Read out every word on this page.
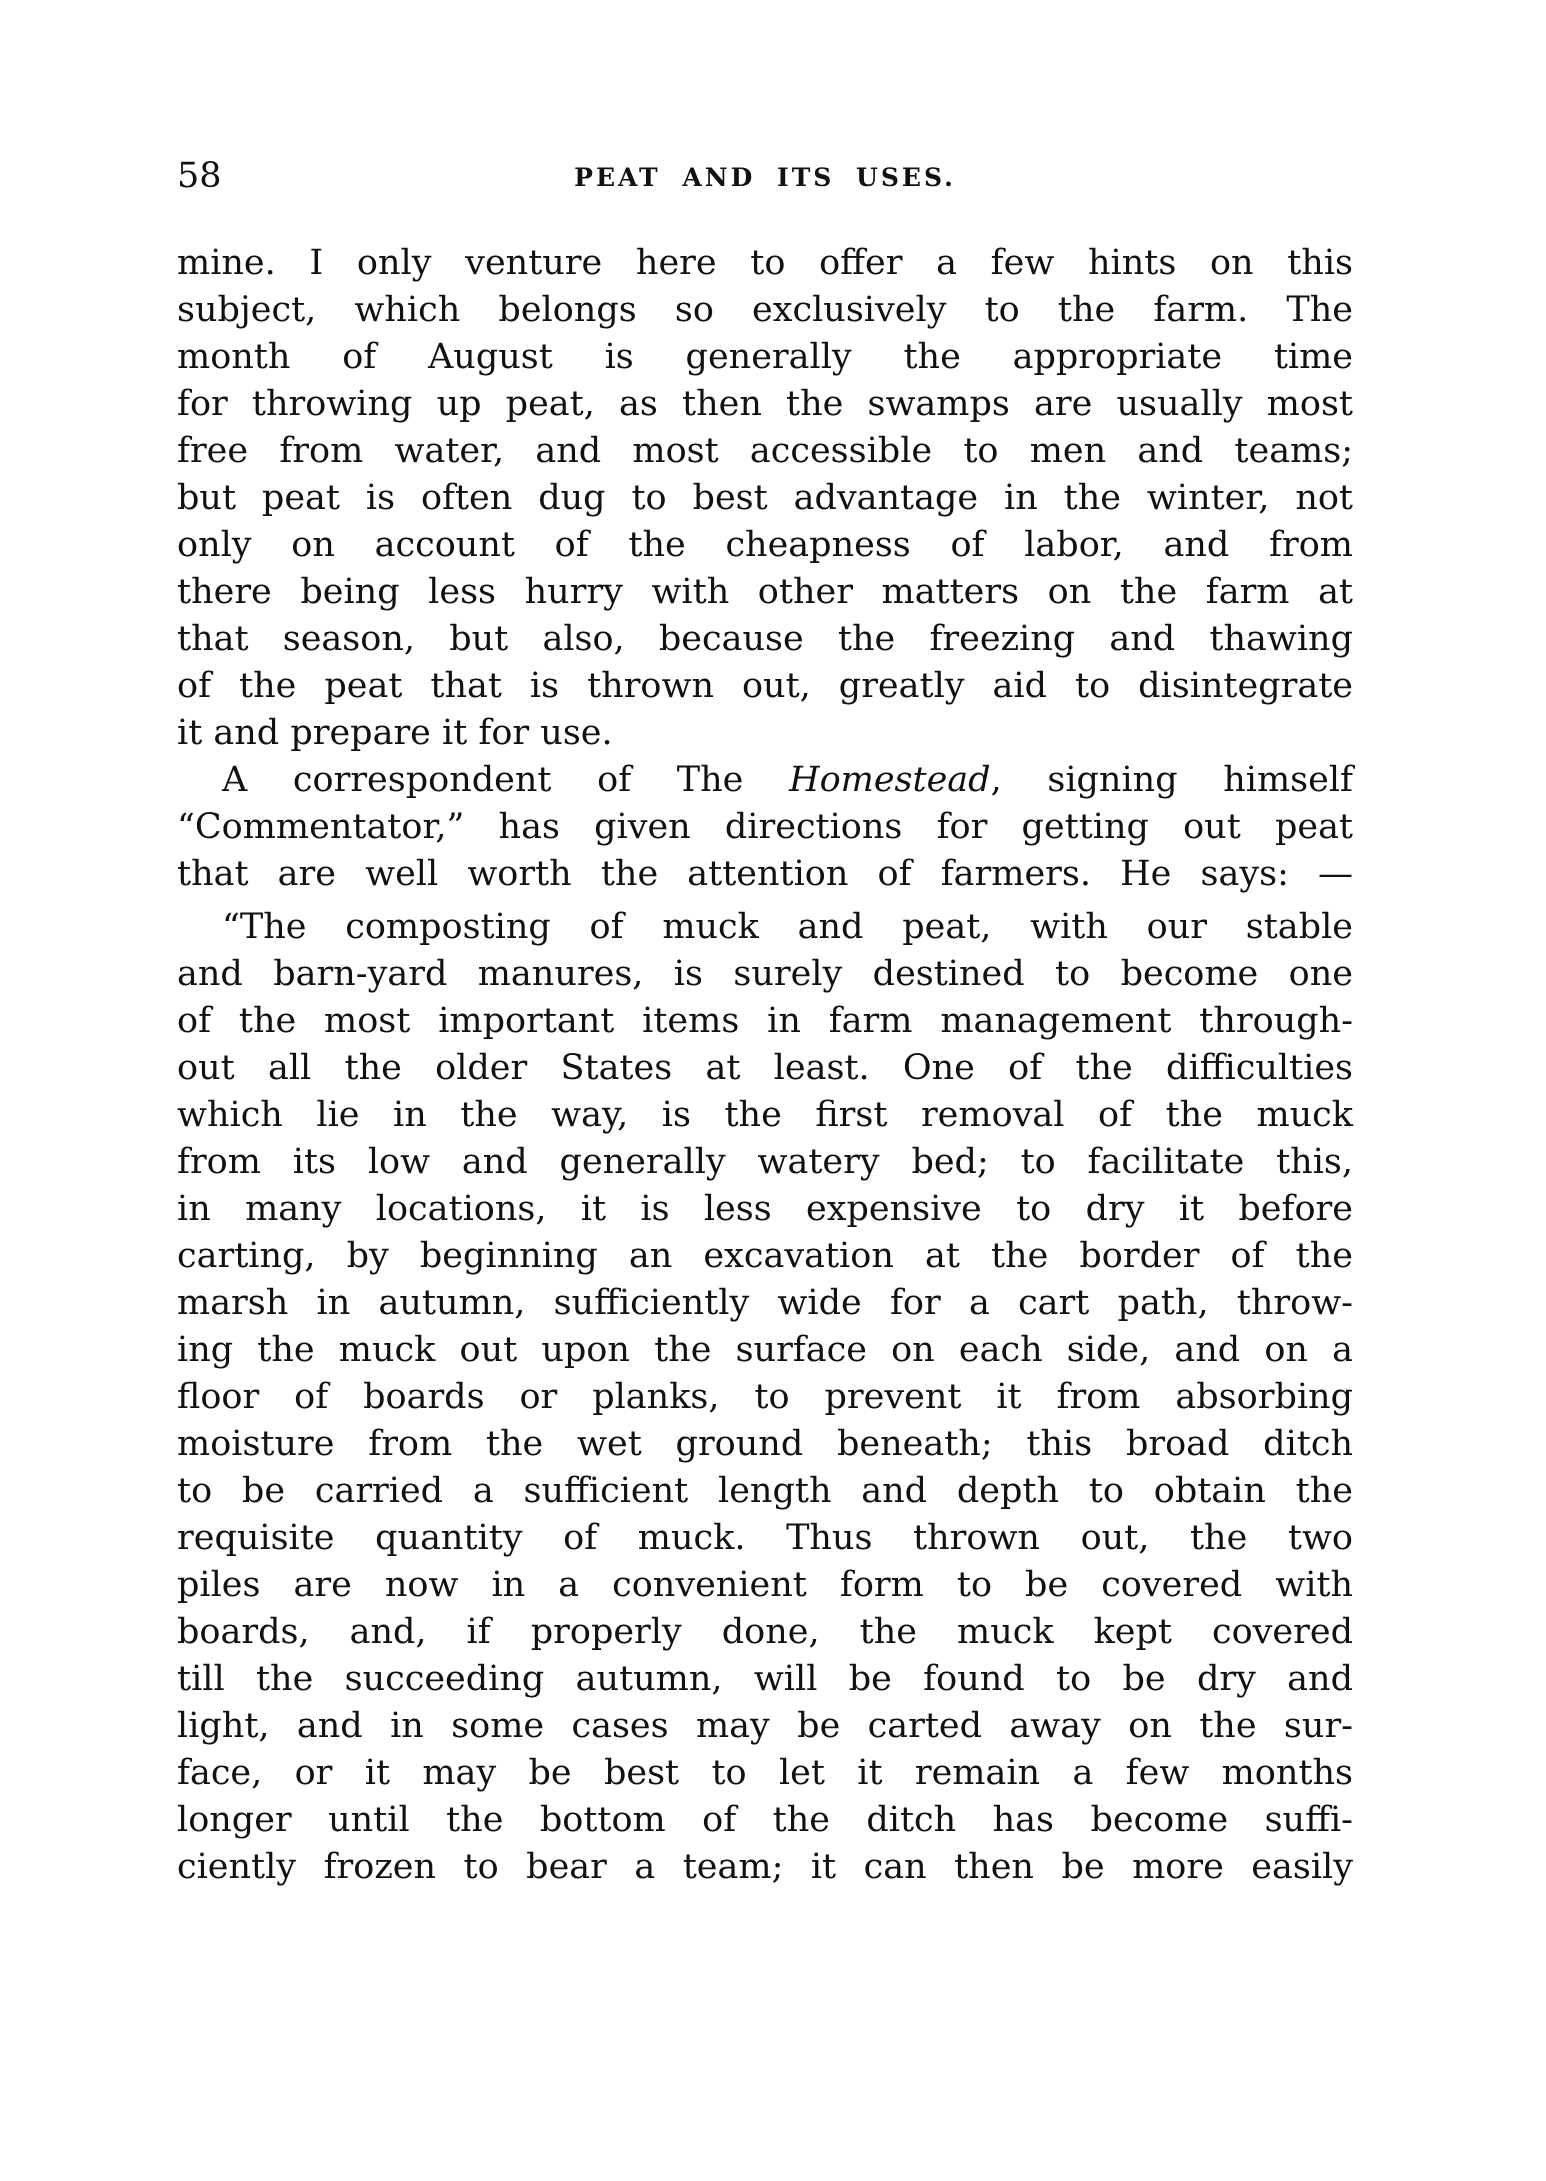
58	PEAT AND ITS USES.
mine. I only venture here to offer a few hints on this
subject, which belongs so exclusively to the farm. The
month of August is generally the appropriate time
for throwing up peat, as then the swamps are usually most
free from water, and most accessible to men and teams;
but peat is often dug to best advantage in the winter, not
only on account of the cheapness of labor, and from
there being less hurry with other matters on the farm at
that season, but also, because the freezing and thawing
of the peat that is thrown out, greatly aid to disintegrate
it and prepare it for use.
A correspondent of The Homestead, signing himself
“Commentator,” has given directions for getting out peat
that are well worth the attention of farmers. He says: —
“The composting of muck and peat, with our stable
and barn-yard manures, is surely destined to become one
of the most important items in farm management through-
out all the older States at least. One of the difficulties
which lie in the way, is the first removal of the muck
from its low and generally watery bed; to facilitate this,
in many locations, it is less expensive to dry it before
carting, by beginning an excavation at the border of the
marsh in autumn, sufficiently wide for a cart path, throw-
ing the muck out upon the surface on each side, and on a
floor of boards or planks, to prevent it from absorbing
moisture from the wet ground beneath; this broad ditch
to be carried a sufficient length and depth to obtain the
requisite quantity of muck. Thus thrown out, the two
piles are now in a convenient form to be covered with
boards, and, if properly done, the muck kept covered
till the succeeding autumn, will be found to be dry and
light, and in some cases may be carted away on the sur-
face, or it may be best to let it remain a few months
longer until the bottom of the ditch has become suffi-
ciently frozen to bear a team; it can then be more easily
